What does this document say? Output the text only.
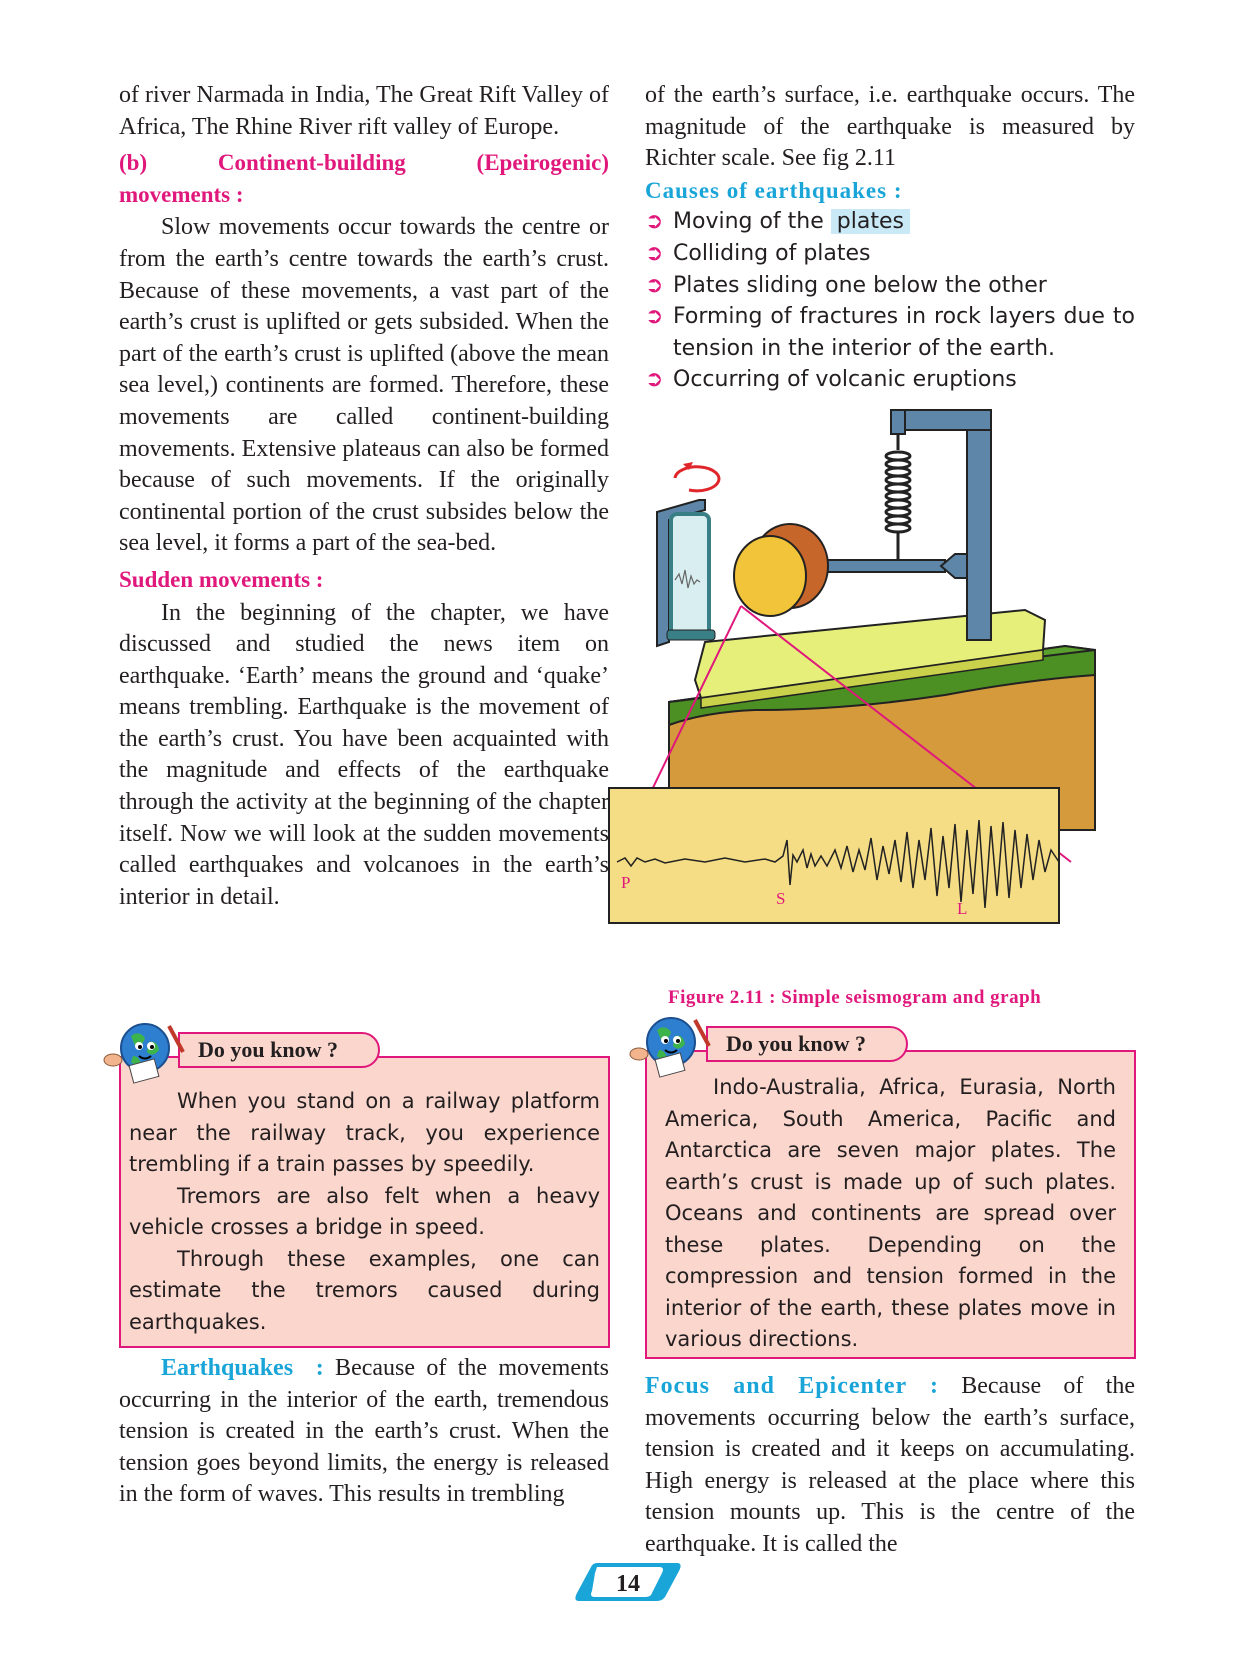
of river Narmada in India, The Great Rift Valley of Africa, The Rhine River rift valley of Europe.

(b)   Continent-building   (Epeirogenic) movements :

Slow movements occur towards the centre or from the earth’s centre towards the earth’s crust. Because of these movements, a vast part of the earth’s crust is uplifted or gets subsided. When the part of the earth’s crust is uplifted (above the mean sea level,) continents are formed. Therefore, these movements are called continent-building movements. Extensive plateaus can also be formed because of such movements. If the originally continental portion of the crust subsides below the sea level, it forms a part of the sea-bed.

Sudden movements :

In the beginning of the chapter, we have discussed and studied the news item on earthquake. ‘Earth’ means the ground and ‘quake’ means trembling. Earthquake is the movement of the earth’s crust. You have been acquainted with the magnitude and effects of the earthquake through the activity at the beginning of the chapter itself. Now we will look at the sudden movements called earthquakes and volcanoes in the earth’s interior in detail.

When you stand on a railway platform near the railway track, you experience trembling if a train passes by speedily.

Tremors are also felt when a heavy vehicle crosses a bridge in speed.

Through these examples, one can estimate the tremors caused during earthquakes.

Do you know ?

Earthquakes  : Because of the movements occurring in the interior of the earth, tremendous tension is created in the earth’s crust. When the tension goes beyond limits, the energy is released in the form of waves. This results in trembling

of the earth’s surface, i.e. earthquake occurs. The magnitude of the earthquake is measured by Richter scale. See fig 2.11

Causes of earthquakes :
➲ Moving of the plates
➲ Colliding of plates
➲ Plates sliding one below the other
➲ Forming of fractures in rock layers due to tension in the interior of the earth.
➲ Occurring of volcanic eruptions
P
S
L
Figure 2.11 : Simple seismogram and graph

Indo-Australia, Africa, Eurasia, North America, South America, Pacific and Antarctica are seven major plates. The earth’s crust is made up of such plates. Oceans and continents are spread over these plates. Depending on the compression and tension formed in the interior of the earth, these plates move in various directions.

Do you know ?

Focus and Epicenter : Because of the movements occurring below the earth’s surface, tension is created and it keeps on accumulating. High energy is released at the place where this tension mounts up. This is the centre of the earthquake. It is called the

14
